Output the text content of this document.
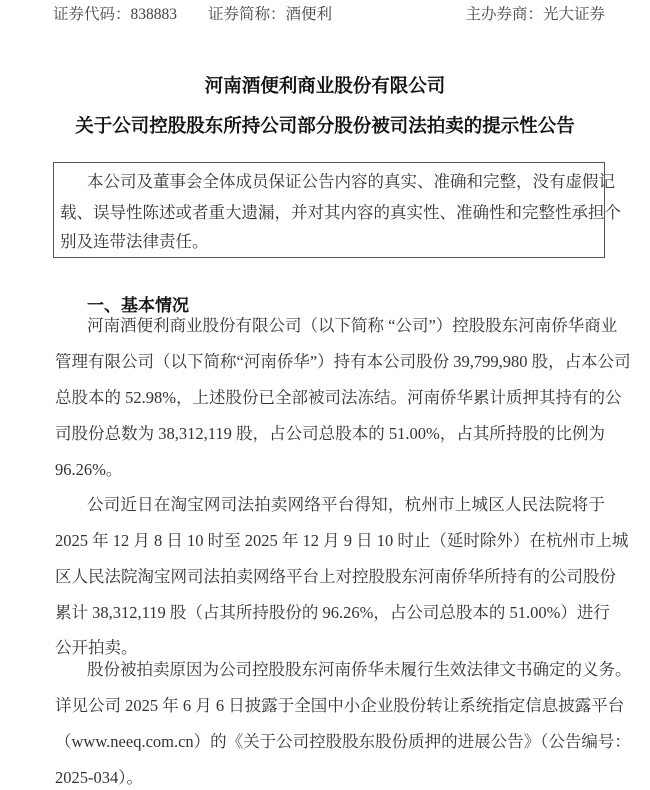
证券代码：838883 证券简称：酒便利	主办券商：光大证券
河南酒便利商业股份有限公司
关于公司控股股东所持公司部分股份被司法拍卖的提示性公告
本公司及董事会全体成员保证公告内容的真实、准确和完整，没有虚假记
载、误导性陈述或者重大遗漏，并对其内容的真实性、准确性和完整性承担个
别及连带法律责任。
一、基本情况
河南酒便利商业股份有限公司（以下简称 “公司”）控股股东河南侨华商业
管理有限公司（以下简称“河南侨华”）持有本公司股份 39,799,980 股，占本公司
总股本的 52.98%，上述股份已全部被司法冻结。河南侨华累计质押其持有的公
司股份总数为 38,312,119 股，占公司总股本的 51.00%，占其所持股的比例为
96.26%。
公司近日在淘宝网司法拍卖网络平台得知，杭州市上城区人民法院将于
2025 年 12 月 8 日 10 时至 2025 年 12 月 9 日 10 时止（延时除外）在杭州市上城
区人民法院淘宝网司法拍卖网络平台上对控股股东河南侨华所持有的公司股份
累计 38,312,119 股（占其所持股份的 96.26%，占公司总股本的 51.00%）进行
公开拍卖。
股份被拍卖原因为公司控股股东河南侨华未履行生效法律文书确定的义务。
详见公司 2025 年 6 月 6 日披露于全国中小企业股份转让系统指定信息披露平台
（www.neeq.com.cn）的《关于公司控股股东股份质押的进展公告》（公告编号：
2025-034）。
